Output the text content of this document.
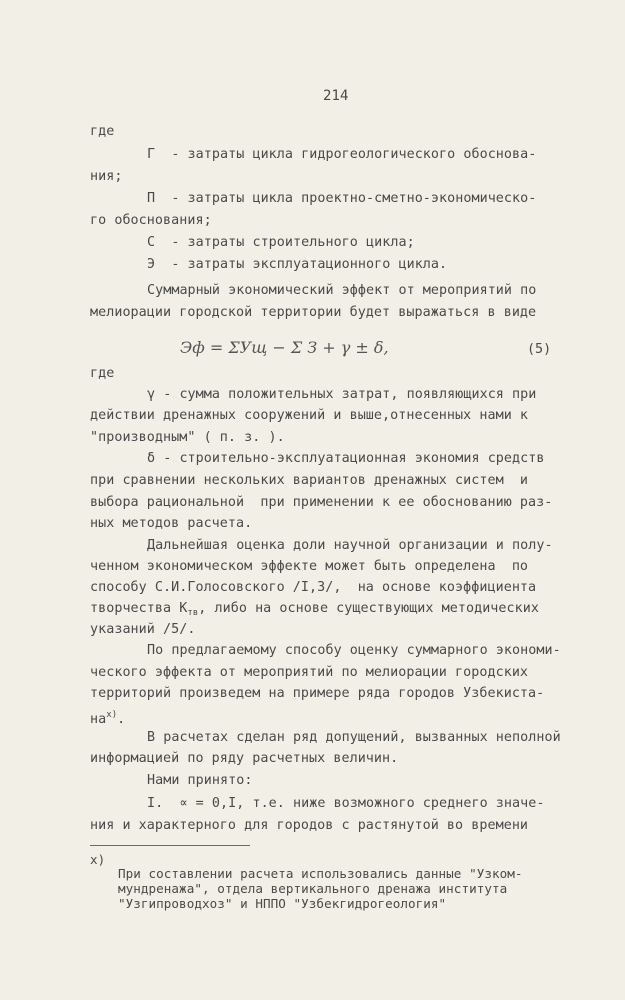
214
где
Г  - затраты цикла гидрогеологического обоснова-
ния;
П  - затраты цикла проектно-сметно-экономическо-
го обоснования;
С  - затраты строительного цикла;
Э  - затраты эксплуатационного цикла.
Суммарный экономический эффект от мероприятий по
мелиорации городской территории будет выражаться в виде
Эф = ΣУщ − Σ З + γ ± δ,	(5)
где
γ - сумма положительных затрат, появляющихся при
действии дренажных сооружений и выше,отнесенных нами к
"производным" ( п. з. ).
δ - строительно-эксплуатационная экономия средств
при сравнении нескольких вариантов дренажных систем  и
выбора рациональной  при применении к ее обоснованию раз-
ных методов расчета.
Дальнейшая оценка доли научной организации и полу-
ченном экономическом эффекте может быть определена  по
способу С.И.Голосовского /I,3/,  на основе коэффициента
творчества $К_{тв}$, либо на основе существующих методических
указаний /5/.
По предлагаемому способу оценку суммарного экономи-
ческого эффекта от мероприятий по мелиорации городских
территорий произведем на примере ряда городов Узбекиста-
$на^{х)}$.
В расчетах сделан ряд допущений, вызванных неполной
информацией по ряду расчетных величин.
Нами принято:
I.  ∝ = 0,I, т.е. ниже возможного среднего значе-
ния и характерного для городов с растянутой во времени
х)
При составлении расчета использовались данные "Узком-
мундренажа", отдела вертикального дренажа института
"Узгипроводхоз" и НППО "Узбекгидрогеология"
